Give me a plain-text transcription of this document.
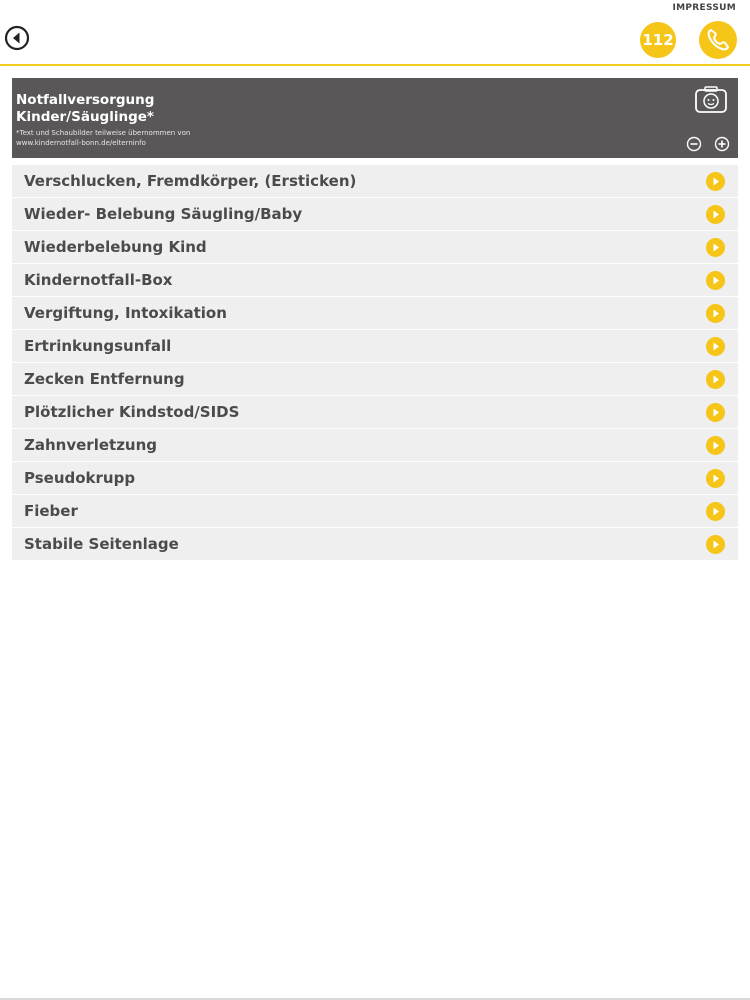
IMPRESSUM
112
Notfallversorgung
Kinder/Säuglinge*
*Text und Schaubilder teilweise übernommen von
www.kindernotfall-bonn.de/elterninfo
Verschlucken, Fremdkörper, (Ersticken)
Wieder- Belebung Säugling/Baby
Wiederbelebung Kind
Kindernotfall-Box
Vergiftung, Intoxikation
Ertrinkungsunfall
Zecken Entfernung
Plötzlicher Kindstod/SIDS
Zahnverletzung
Pseudokrupp
Fieber
Stabile Seitenlage
